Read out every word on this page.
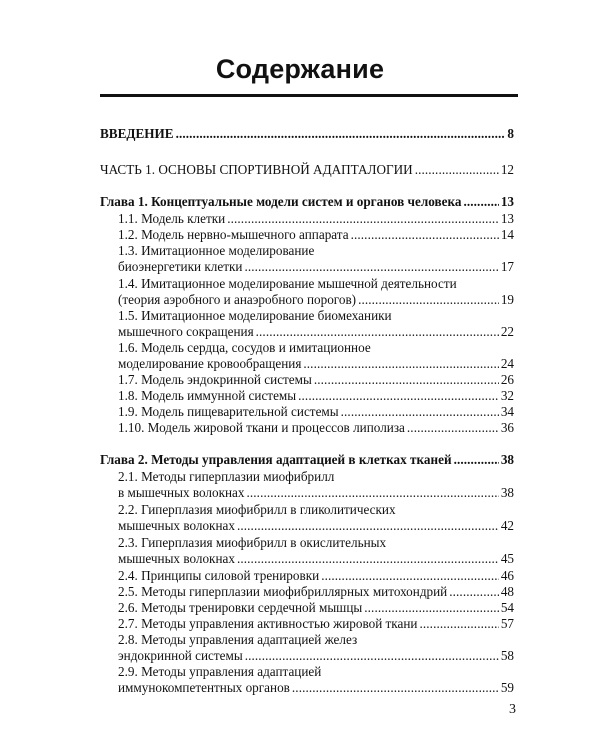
Содержание
ВВЕДЕНИЕ . . .	8
ЧАСТЬ 1. ОСНОВЫ СПОРТИВНОЙ АДАПТАЛОГИИ . . .	12
Глава 1. Концептуальные модели систем и органов человека . . .	13
1.1. Модель клетки . . .	13
1.2. Модель нервно-мышечного аппарата . . .	14
1.3. Имитационное моделирование
биоэнергетики клетки . . .	17
1.4. Имитационное моделирование мышечной деятельности
(теория аэробного и анаэробного порогов) . . .	19
1.5. Имитационное моделирование биомеханики
мышечного сокращения . . .	22
1.6. Модель сердца, сосудов и имитационное
моделирование кровообращения . . .	24
1.7. Модель эндокринной системы . . .	26
1.8. Модель иммунной системы . . .	32
1.9. Модель пищеварительной системы . . .	34
1.10. Модель жировой ткани и процессов липолиза . . .	36
Глава 2. Методы управления адаптацией в клетках тканей . . .	38
2.1. Методы гиперплазии миофибрилл
в мышечных волокнах . . .	38
2.2. Гиперплазия миофибрилл в гликолитических
мышечных волокнах . . .	42
2.3. Гиперплазия миофибрилл в окислительных
мышечных волокнах . . .	45
2.4. Принципы силовой тренировки . . .	46
2.5. Методы гиперплазии миофибриллярных митохондрий . . .	48
2.6. Методы тренировки сердечной мышцы . . .	54
2.7. Методы управления активностью жировой ткани . . .	57
2.8. Методы управления адаптацией желез
эндокринной системы . . .	58
2.9. Методы управления адаптацией
иммунокомпетентных органов . . .	59
3
